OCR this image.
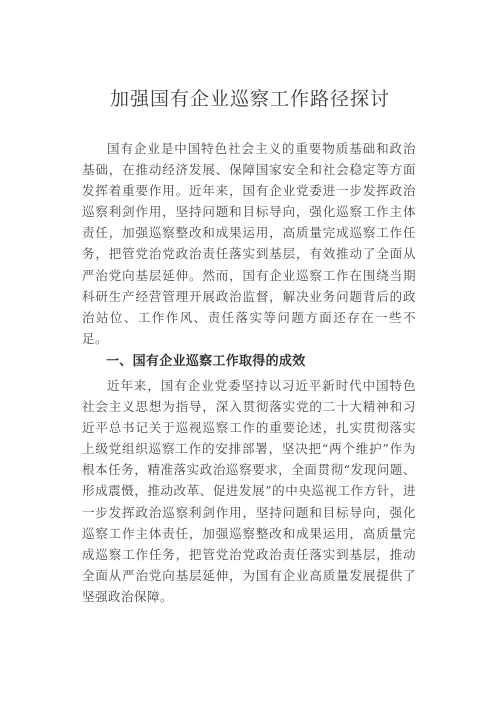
加强国有企业巡察工作路径探讨

国有企业是中国特色社会主义的重要物质基础和政治基础，在推动经济发展、保障国家安全和社会稳定等方面发挥着重要作用。近年来，国有企业党委进一步发挥政治巡察利剑作用，坚持问题和目标导向，强化巡察工作主体责任，加强巡察整改和成果运用，高质量完成巡察工作任务，把管党治党政治责任落实到基层，有效推动了全面从严治党向基层延伸。然而，国有企业巡察工作在围绕当期科研生产经营管理开展政治监督，解决业务问题背后的政治站位、工作作风、责任落实等问题方面还存在一些不足。

一、国有企业巡察工作取得的成效

近年来，国有企业党委坚持以习近平新时代中国特色社会主义思想为指导，深入贯彻落实党的二十大精神和习近平总书记关于巡视巡察工作的重要论述，扎实贯彻落实上级党组织巡察工作的安排部署，坚决把“两个维护”作为根本任务，精准落实政治巡察要求，全面贯彻“发现问题、形成震慑，推动改革、促进发展”的中央巡视工作方针，进一步发挥政治巡察利剑作用，坚持问题和目标导向，强化巡察工作主体责任，加强巡察整改和成果运用，高质量完成巡察工作任务，把管党治党政治责任落实到基层，推动全面从严治党向基层延伸，为国有企业高质量发展提供了坚强政治保障。
